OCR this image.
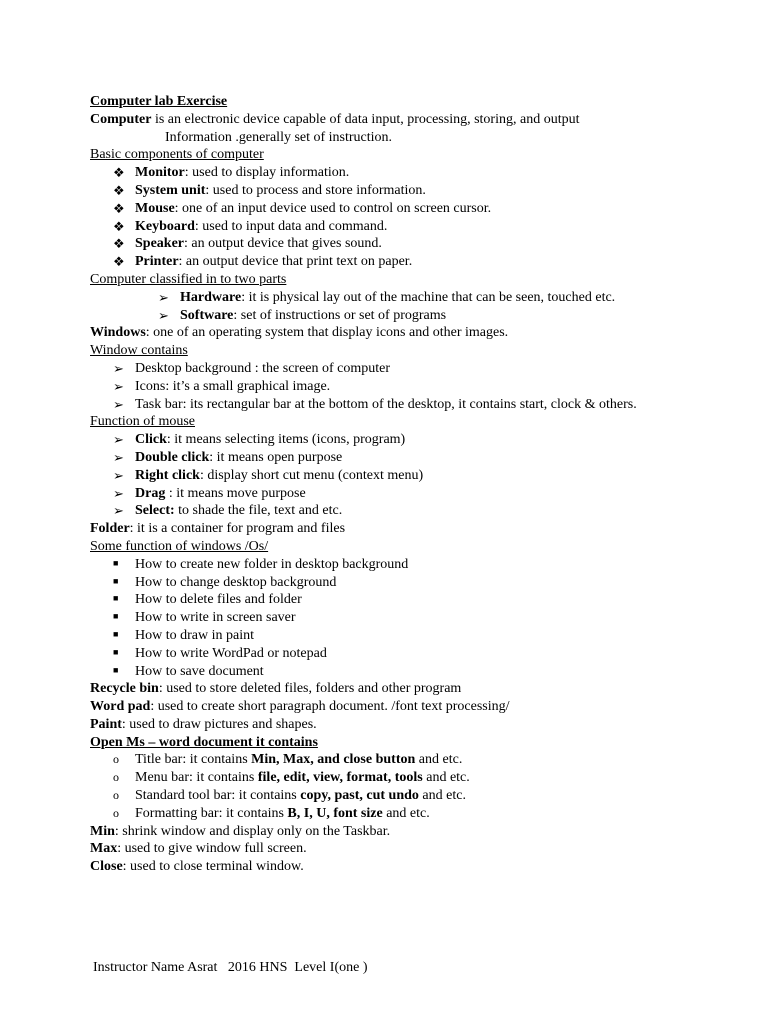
Computer lab Exercise
Computer is an electronic device capable of data input, processing, storing, and output
Information .generally set of instruction.
Basic components of computer
❖ Monitor: used to display information.
❖ System unit: used to process and store information.
❖ Mouse: one of an input device used to control on screen cursor.
❖ Keyboard: used to input data and command.
❖ Speaker: an output device that gives sound.
❖ Printer: an output device that print text on paper.
Computer classified in to two parts
➢ Hardware: it is physical lay out of the machine that can be seen, touched etc.
➢ Software: set of instructions or set of programs
Windows: one of an operating system that display icons and other images.
Window contains
➢ Desktop background : the screen of computer
➢ Icons: it’s a small graphical image.
➢ Task bar: its rectangular bar at the bottom of the desktop, it contains start, clock & others.
Function of mouse
➢ Click: it means selecting items (icons, program)
➢ Double click: it means open purpose
➢ Right click: display short cut menu (context menu)
➢ Drag : it means move purpose
➢ Select: to shade the file, text and etc.
Folder: it is a container for program and files
Some function of windows /Os/
■ How to create new folder in desktop background
■ How to change desktop background
■ How to delete files and folder
■ How to write in screen saver
■ How to draw in paint
■ How to write WordPad or notepad
■ How to save document
Recycle bin: used to store deleted files, folders and other program
Word pad: used to create short paragraph document. /font text processing/
Paint: used to draw pictures and shapes.
Open Ms – word document it contains
o Title bar: it contains Min, Max, and close button and etc.
o Menu bar: it contains file, edit, view, format, tools and etc.
o Standard tool bar: it contains copy, past, cut undo and etc.
o Formatting bar: it contains B, I, U, font size and etc.
Min: shrink window and display only on the Taskbar.
Max: used to give window full screen.
Close: used to close terminal window.
Instructor Name Asrat   2016 HNS  Level I(one )
